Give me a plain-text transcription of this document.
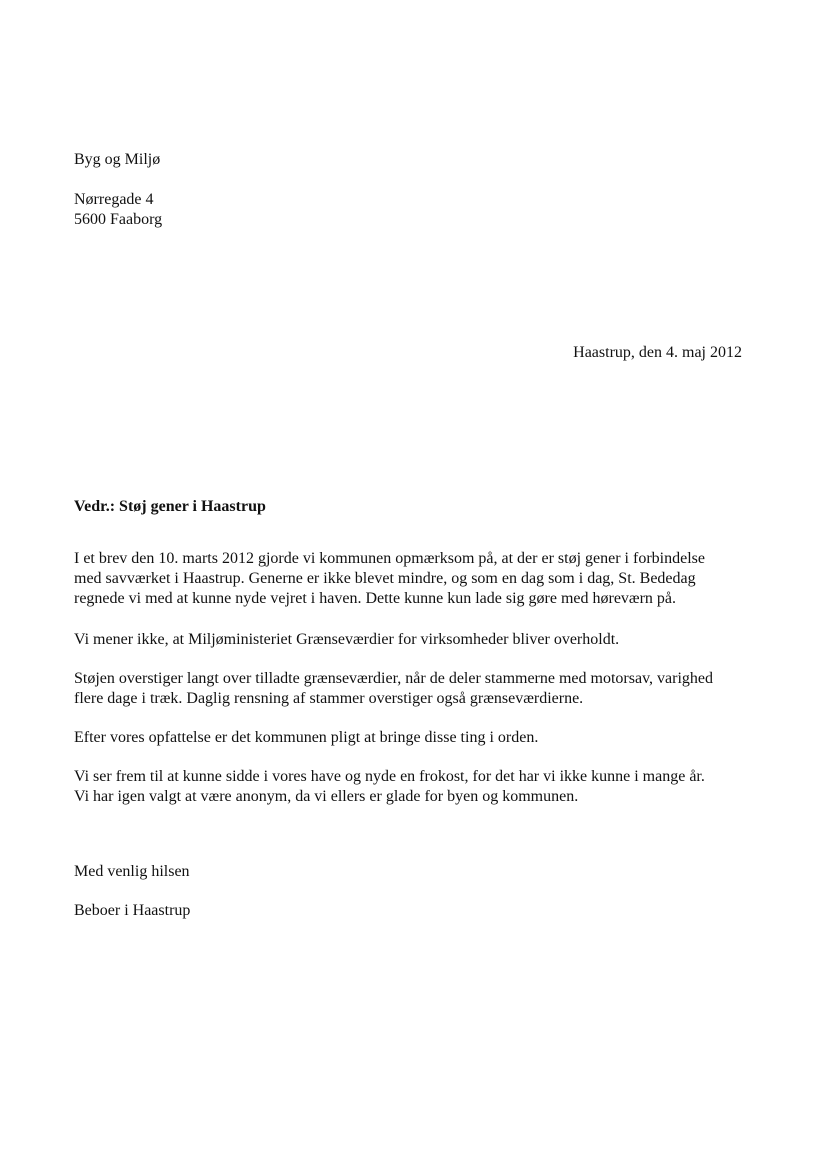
Byg og Miljø

Nørregade 4

5600 Faaborg

Haastrup, den 4. maj 2012

Vedr.: Støj gener i Haastrup

I et brev den 10. marts 2012 gjorde vi kommunen opmærksom på, at der er støj gener i forbindelse
med savværket i Haastrup. Generne er ikke blevet mindre, og som en dag som i dag, St. Bededag
regnede vi med at kunne nyde vejret i haven. Dette kunne kun lade sig gøre med høreværn på.
Vi mener ikke, at Miljøministeriet Grænseværdier for virksomheder bliver overholdt.
Støjen overstiger langt over tilladte grænseværdier, når de deler stammerne med motorsav, varighed
flere dage i træk. Daglig rensning af stammer overstiger også grænseværdierne.
Efter vores opfattelse er det kommunen pligt at bringe disse ting i orden.
Vi ser frem til at kunne sidde i vores have og nyde en frokost, for det har vi ikke kunne i mange år.
Vi har igen valgt at være anonym, da vi ellers er glade for byen og kommunen.

Med venlig hilsen

Beboer i Haastrup
